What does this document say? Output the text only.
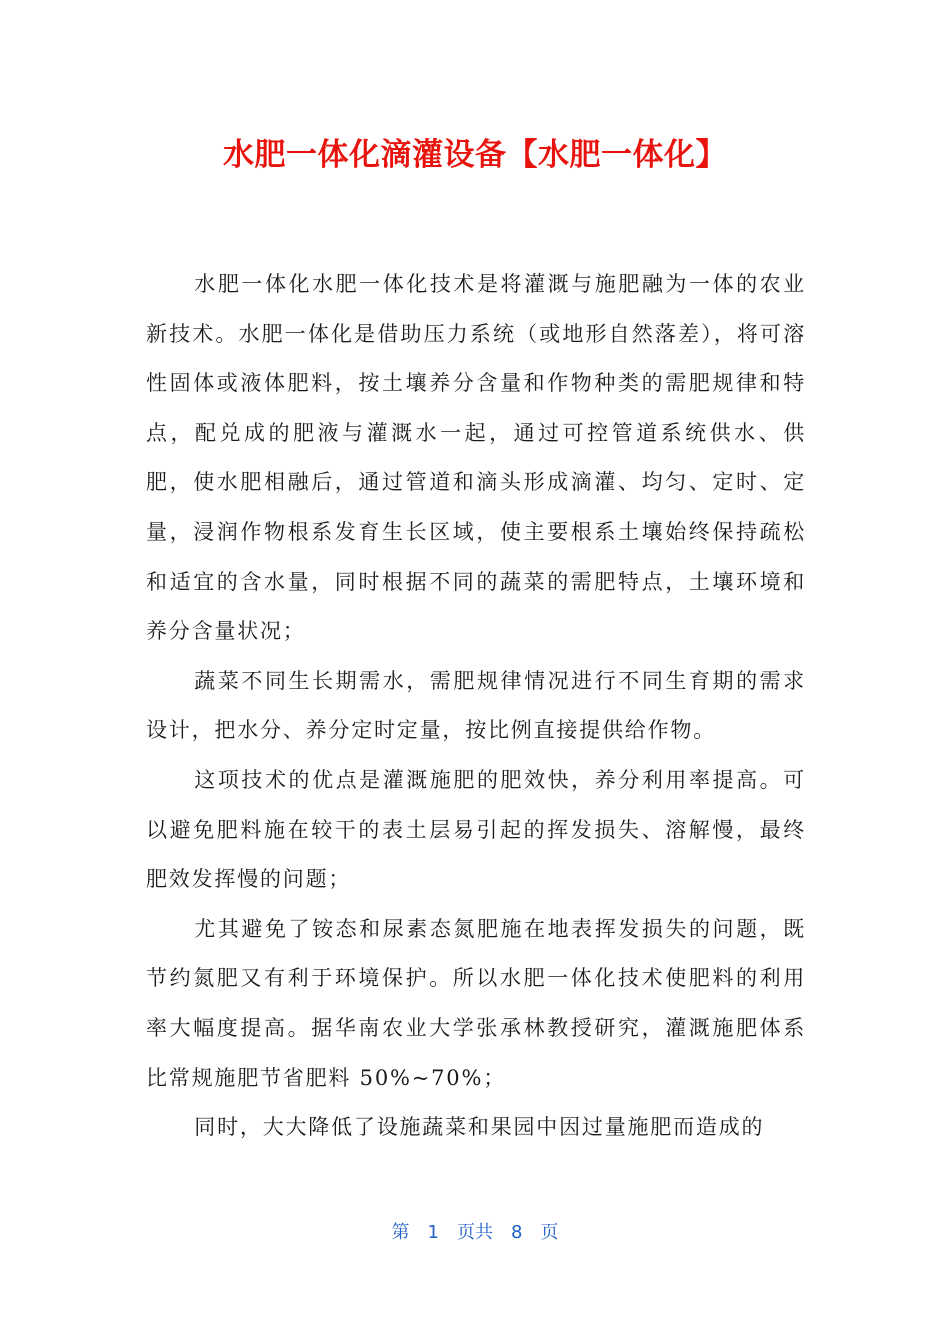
水肥一体化滴灌设备【水肥一体化】

水肥一体化水肥一体化技术是将灌溉与施肥融为一体的农业新技术。水肥一体化是借助压力系统（或地形自然落差），将可溶性固体或液体肥料，按土壤养分含量和作物种类的需肥规律和特点，配兑成的肥液与灌溉水一起，通过可控管道系统供水、供肥，使水肥相融后，通过管道和滴头形成滴灌、均匀、定时、定量，浸润作物根系发育生长区域，使主要根系土壤始终保持疏松和适宜的含水量，同时根据不同的蔬菜的需肥特点，土壤环境和养分含量状况；

蔬菜不同生长期需水，需肥规律情况进行不同生育期的需求设计，把水分、养分定时定量，按比例直接提供给作物。

这项技术的优点是灌溉施肥的肥效快，养分利用率提高。可以避免肥料施在较干的表土层易引起的挥发损失、溶解慢，最终肥效发挥慢的问题；

尤其避免了铵态和尿素态氮肥施在地表挥发损失的问题，既节约氮肥又有利于环境保护。所以水肥一体化技术使肥料的利用率大幅度提高。据华南农业大学张承林教授研究，灌溉施肥体系比常规施肥节省肥料 50%~70%；

同时，大大降低了设施蔬菜和果园中因过量施肥而造成的

第 1 页共 8 页
